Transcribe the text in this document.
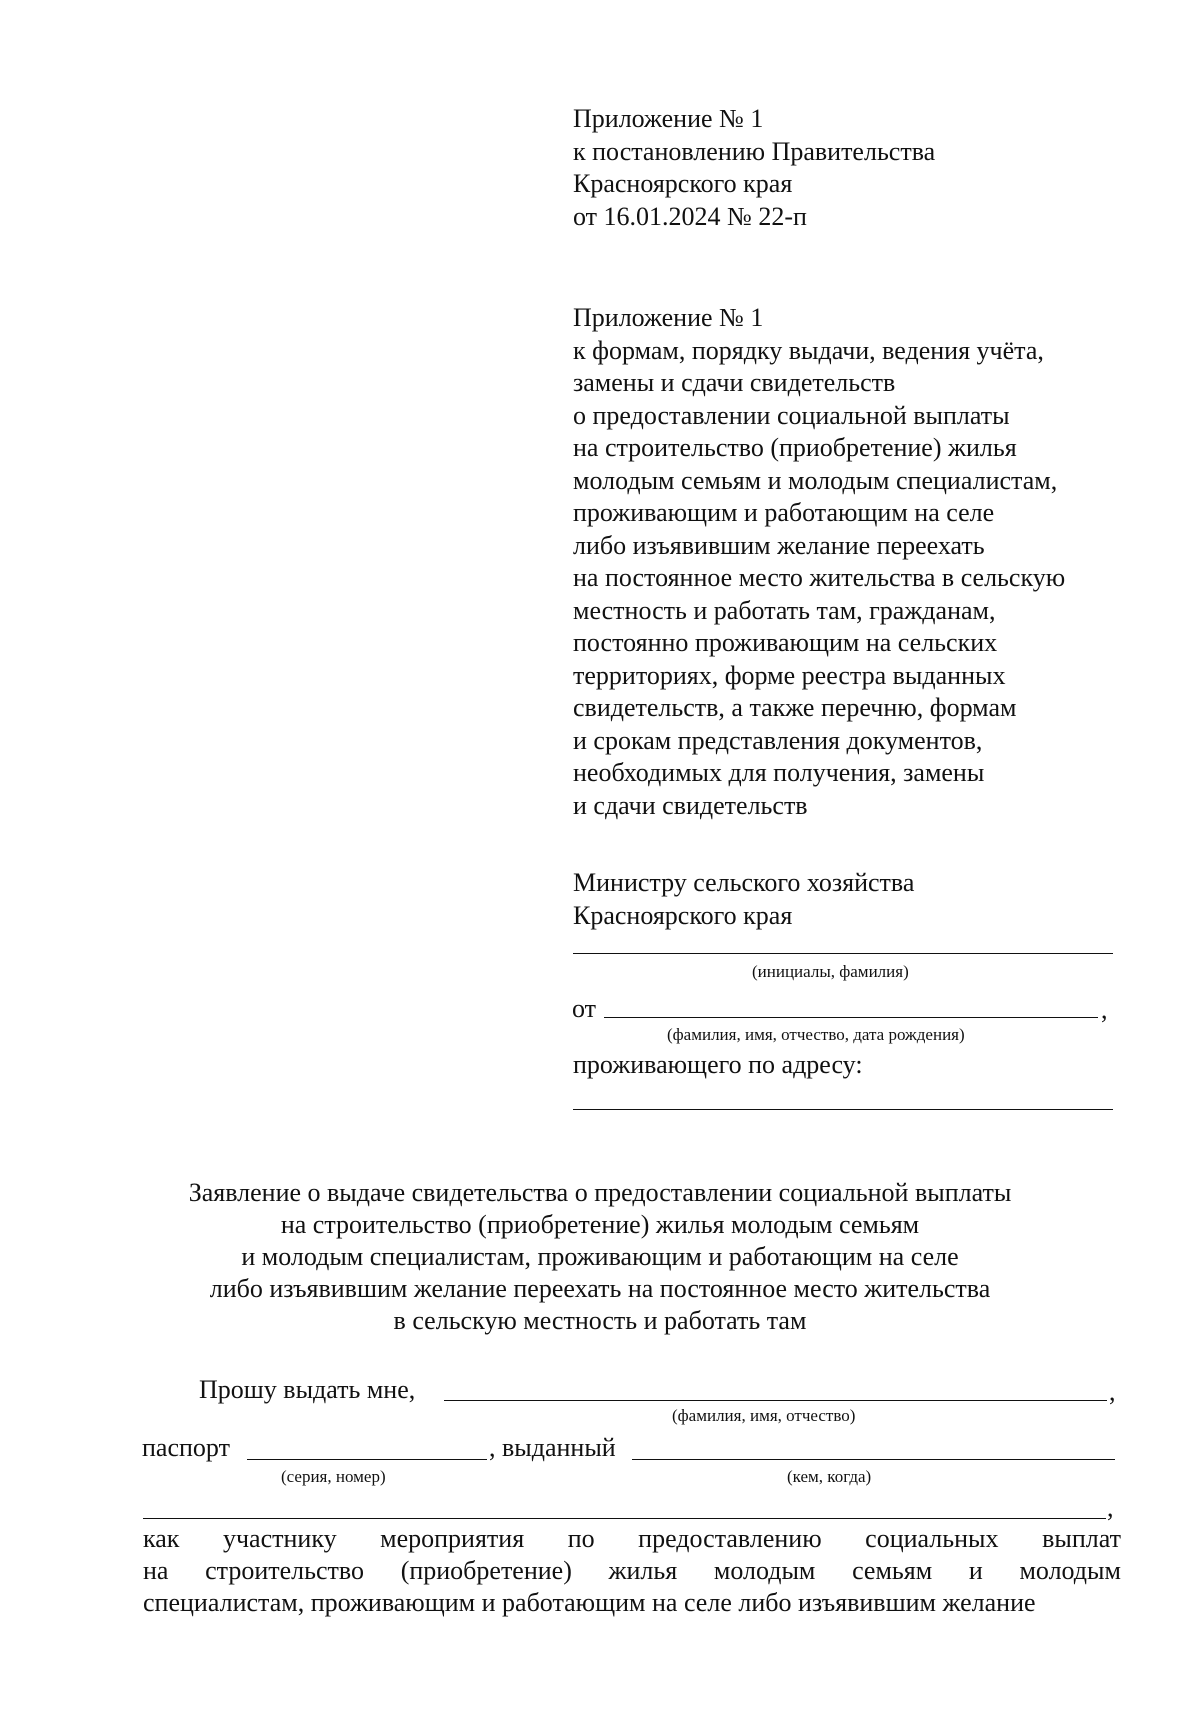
Приложение № 1
к постановлению Правительства
Красноярского края
от 16.01.2024 № 22-п
Приложение № 1
к формам, порядку выдачи, ведения учёта,
замены и сдачи свидетельств
о предоставлении социальной выплаты
на строительство (приобретение) жилья
молодым семьям и молодым специалистам,
проживающим и работающим на селе
либо изъявившим желание переехать
на постоянное место жительства в сельскую
местность и работать там, гражданам,
постоянно проживающим на сельских
территориях, форме реестра выданных
свидетельств, а также перечню, формам
и срокам представления документов,
необходимых для получения, замены
и сдачи свидетельств
Министру сельского хозяйства
Красноярского края
(инициалы, фамилия)
от	,
(фамилия, имя, отчество, дата рождения)
проживающего по адресу:
Заявление о выдаче свидетельства о предоставлении социальной выплаты
на строительство (приобретение) жилья молодым семьям
и молодым специалистам, проживающим и работающим на селе
либо изъявившим желание переехать на постоянное место жительства
в сельскую местность и работать там
Прошу выдать мне,	,
(фамилия, имя, отчество)
паспорт	, выданный
(серия, номер)	(кем, когда)
,
как участнику мероприятия по предоставлению социальных выплат
на строительство (приобретение) жилья молодым семьям и молодым
специалистам, проживающим и работающим на селе либо изъявившим желание
